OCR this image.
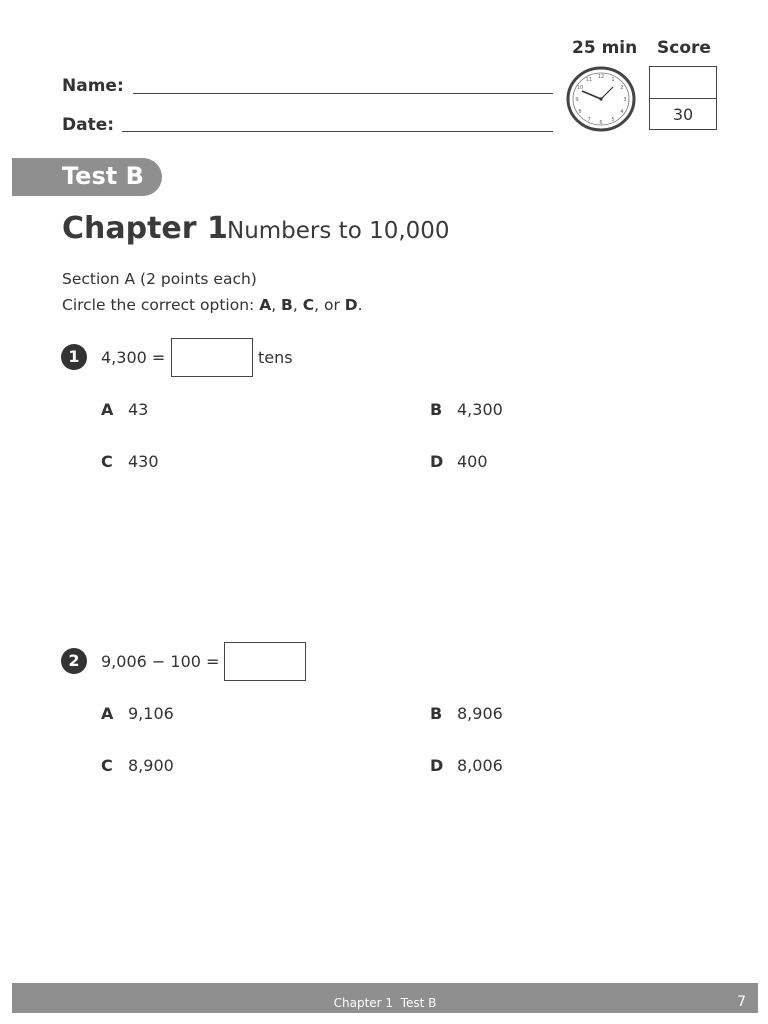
Name:
Date:
25 min Score
12 1
2
3
4
5
6
7
8
9
10
11
30
Test B
Chapter 1 Numbers to 10,000
Section A (2 points each)
Circle the correct option: A, B, C, or D.
1	4,300 =	tens
A 43	B 4,300
C 430	D 400
2	9,006 − 100 =
A 9,106	B 8,906
C 8,900	D 8,006
Chapter 1  Test B	7
